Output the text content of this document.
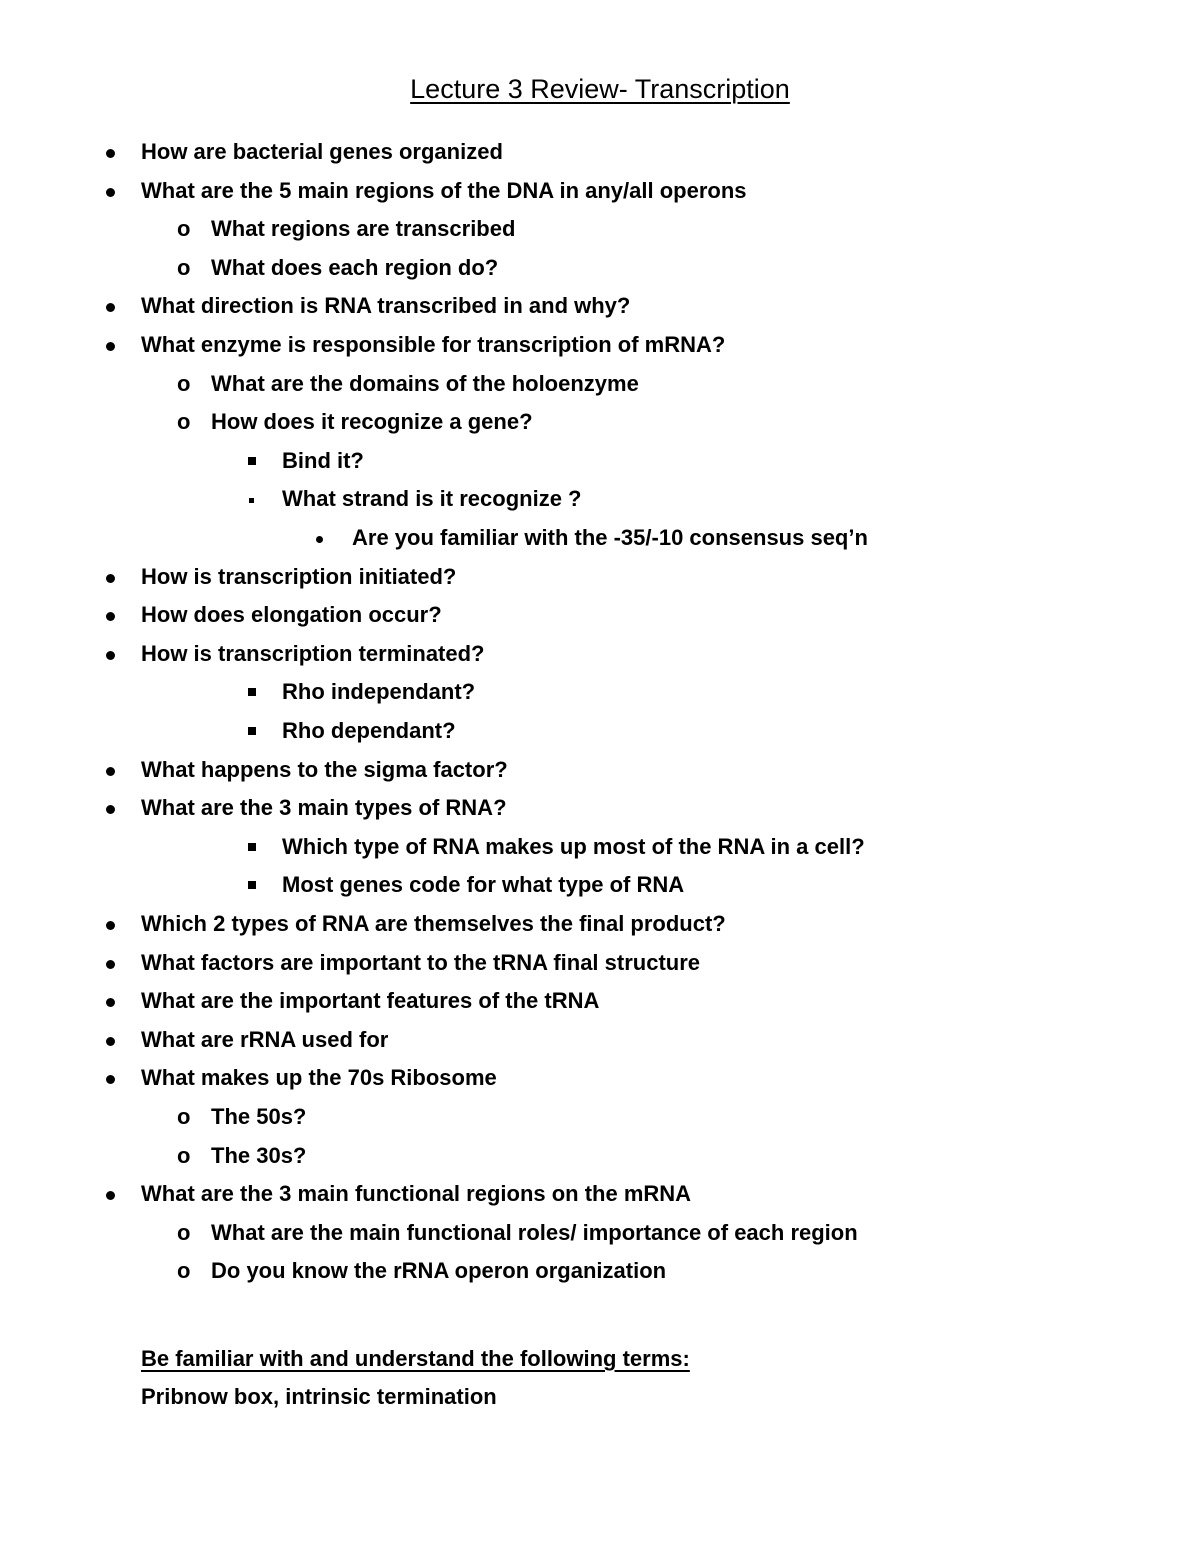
Lecture 3 Review- Transcription
How are bacterial genes organized
What are the 5 main regions of the DNA in any/all operons
o What regions are transcribed
o What does each region do?
What direction is RNA transcribed in and why?
What enzyme is responsible for transcription of mRNA?
o What are the domains of the holoenzyme
o How does it recognize a gene?
Bind it?
What strand is it recognize ?
Are you familiar with the -35/-10 consensus seq’n
How is transcription initiated?
How does elongation occur?
How is transcription terminated?
Rho independant?
Rho dependant?
What happens to the sigma factor?
What are the 3 main types of RNA?
Which type of RNA makes up most of the RNA in a cell?
Most genes code for what type of RNA
Which 2 types of RNA are themselves the final product?
What factors are important to the tRNA final structure
What are the important features of the tRNA
What are rRNA used for
What makes up the 70s Ribosome
o The 50s?
o The 30s?
What are the 3 main functional regions on the mRNA
o What are the main functional roles/ importance of each region
o Do you know the rRNA operon organization
Be familiar with and understand the following terms:
Pribnow box, intrinsic termination
